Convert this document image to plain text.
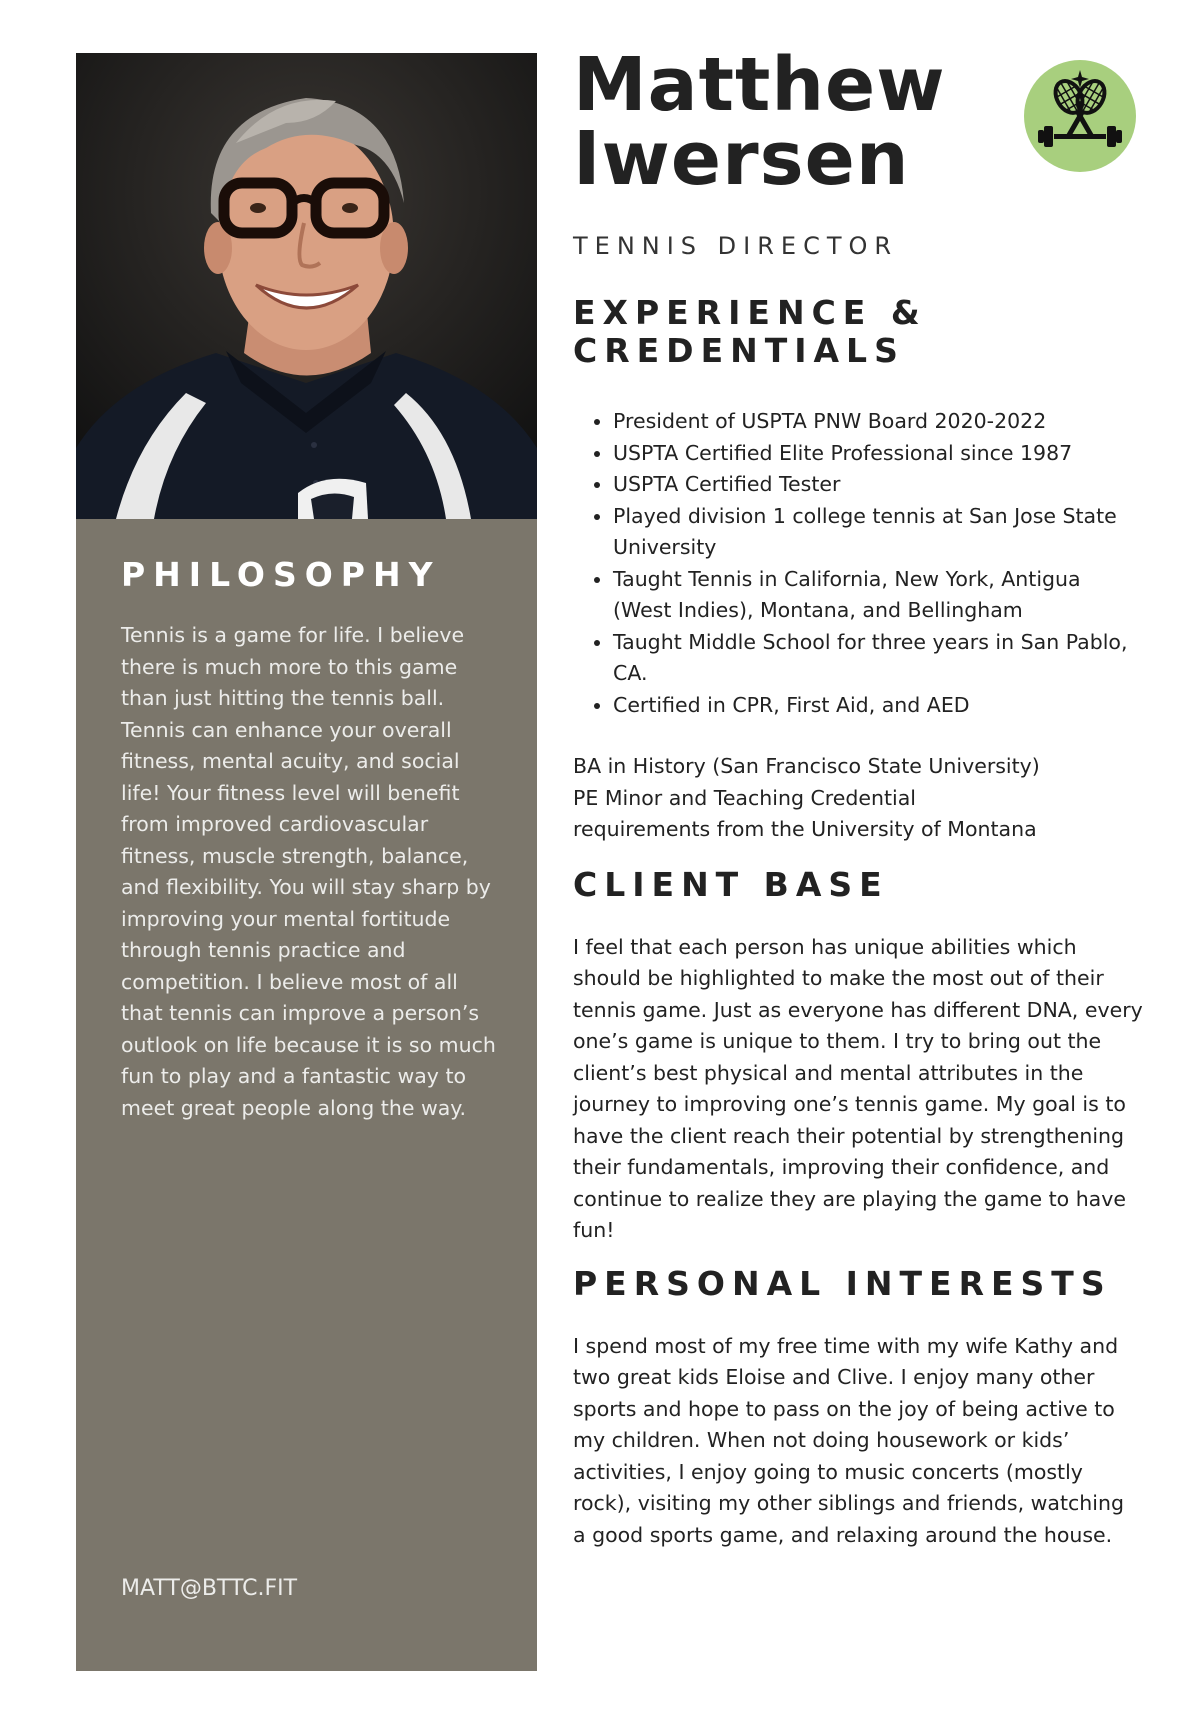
PHILOSOPHY

Tennis is a game for life. I believe there is much more to this game than just hitting the tennis ball. Tennis can enhance your overall fitness, mental acuity, and social life! Your fitness level will benefit from improved cardiovascular fitness, muscle strength, balance, and flexibility. You will stay sharp by improving your mental fortitude through tennis practice and competition. I believe most of all that tennis can improve a person’s outlook on life because it is so much fun to play and a fantastic way to meet great people along the way.

MATT@BTTC.FIT

Matthew
Iwersen

TENNIS DIRECTOR

EXPERIENCE & CREDENTIALS
• President of USPTA PNW Board 2020-2022
• USPTA Certified Elite Professional since 1987
• USPTA Certified Tester
• Played division 1 college tennis at San Jose State University
• Taught Tennis in California, New York, Antigua (West Indies), Montana, and Bellingham
• Taught Middle School for three years in San Pablo, CA.
• Certified in CPR, First Aid, and AED

BA in History (San Francisco State University)
PE Minor and Teaching Credential
requirements from the University of Montana

CLIENT BASE

I feel that each person has unique abilities which should be highlighted to make the most out of their tennis game. Just as everyone has different DNA, every one’s game is unique to them. I try to bring out the client’s best physical and mental attributes in the journey to improving one’s tennis game. My goal is to have the client reach their potential by strengthening their fundamentals, improving their confidence, and continue to realize they are playing the game to have fun!

PERSONAL INTERESTS

I spend most of my free time with my wife Kathy and two great kids Eloise and Clive. I enjoy many other sports and hope to pass on the joy of being active to my children. When not doing housework or kids’ activities, I enjoy going to music concerts (mostly rock), visiting my other siblings and friends, watching a good sports game, and relaxing around the house.
